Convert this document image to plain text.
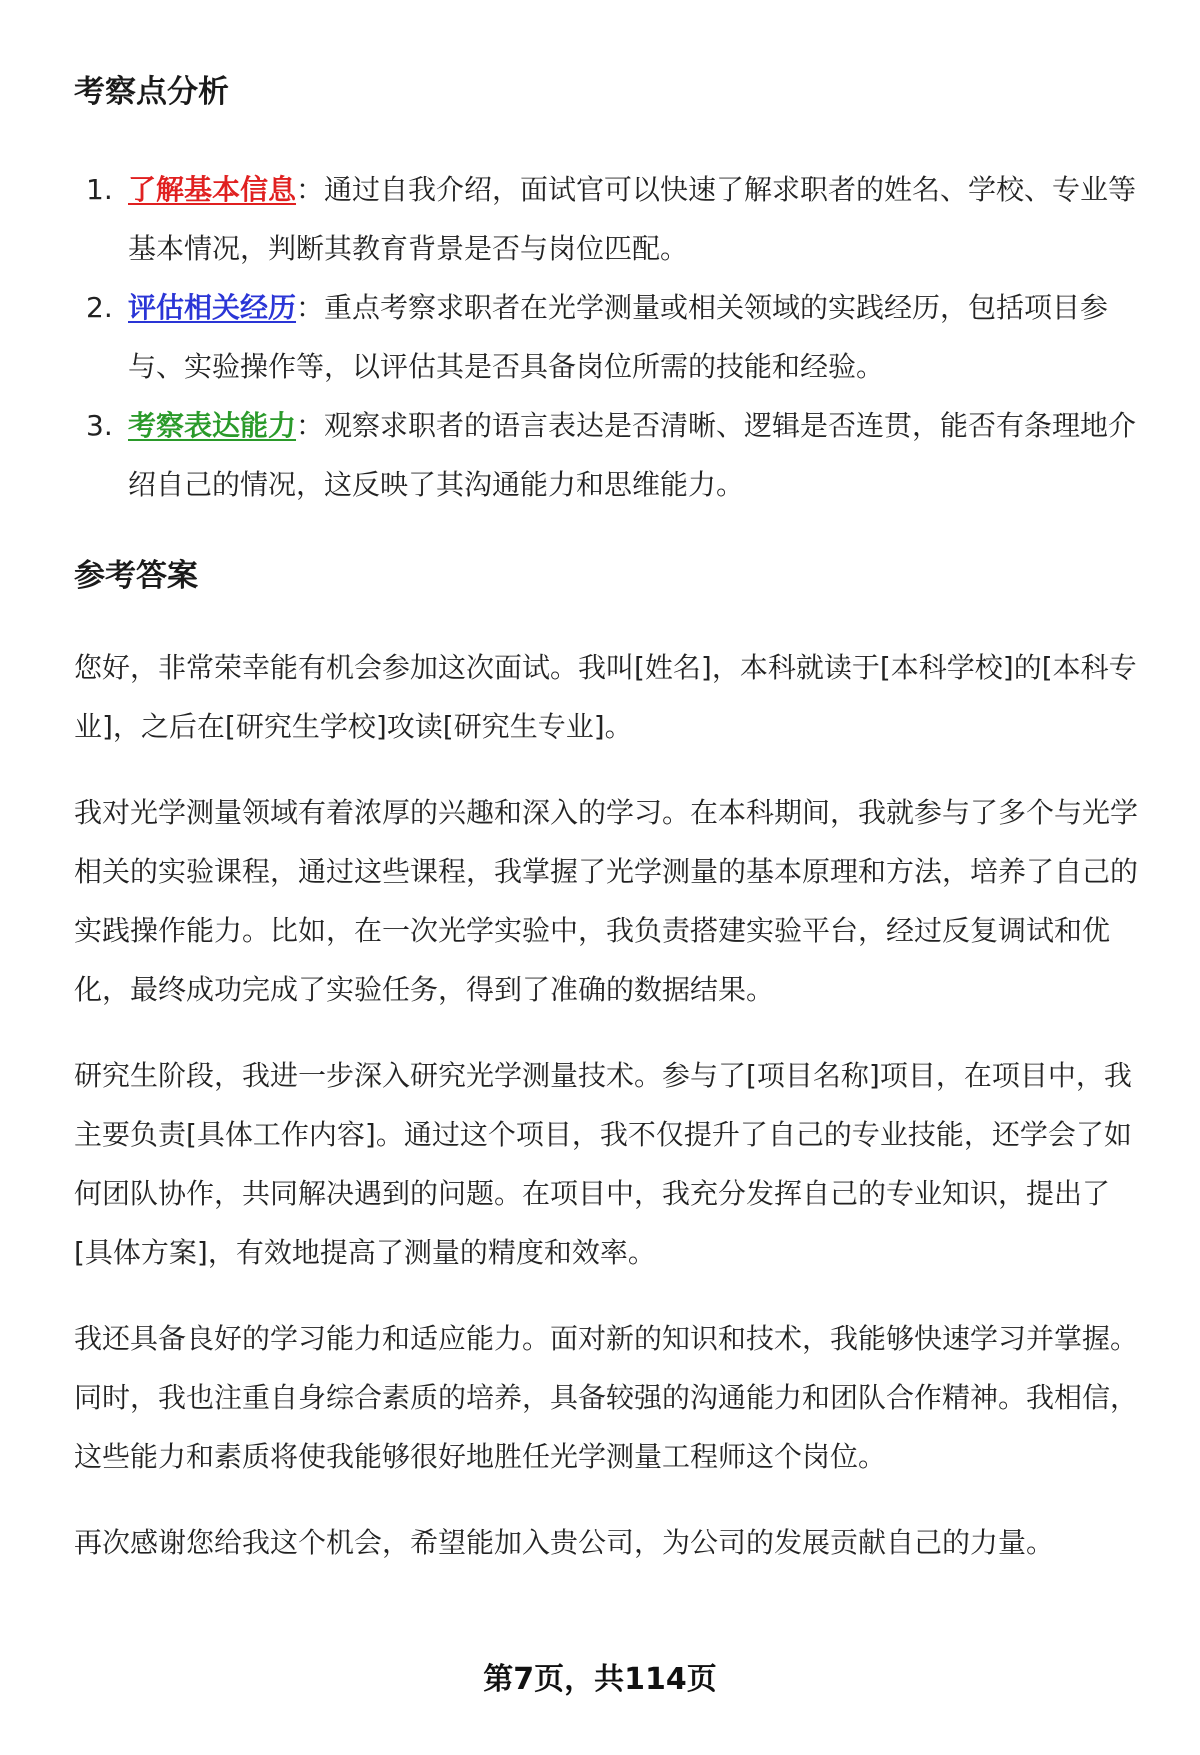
考察点分析
1. 了解基本信息：通过自我介绍，面试官可以快速了解求职者的姓名、学校、专业等基本情况，判断其教育背景是否与岗位匹配。
2. 评估相关经历：重点考察求职者在光学测量或相关领域的实践经历，包括项目参与、实验操作等，以评估其是否具备岗位所需的技能和经验。
3. 考察表达能力：观察求职者的语言表达是否清晰、逻辑是否连贯，能否有条理地介绍自己的情况，这反映了其沟通能力和思维能力。
参考答案

您好，非常荣幸能有机会参加这次面试。我叫[姓名]，本科就读于[本科学校]的[本科专业]，之后在[研究生学校]攻读[研究生专业]。

我对光学测量领域有着浓厚的兴趣和深入的学习。在本科期间，我就参与了多个与光学相关的实验课程，通过这些课程，我掌握了光学测量的基本原理和方法，培养了自己的实践操作能力。比如，在一次光学实验中，我负责搭建实验平台，经过反复调试和优化，最终成功完成了实验任务，得到了准确的数据结果。

研究生阶段，我进一步深入研究光学测量技术。参与了[项目名称]项目，在项目中，我主要负责[具体工作内容]。通过这个项目，我不仅提升了自己的专业技能，还学会了如何团队协作，共同解决遇到的问题。在项目中，我充分发挥自己的专业知识，提出了[具体方案]，有效地提高了测量的精度和效率。

我还具备良好的学习能力和适应能力。面对新的知识和技术，我能够快速学习并掌握。同时，我也注重自身综合素质的培养，具备较强的沟通能力和团队合作精神。我相信，这些能力和素质将使我能够很好地胜任光学测量工程师这个岗位。

再次感谢您给我这个机会，希望能加入贵公司，为公司的发展贡献自己的力量。

第7页，共114页
